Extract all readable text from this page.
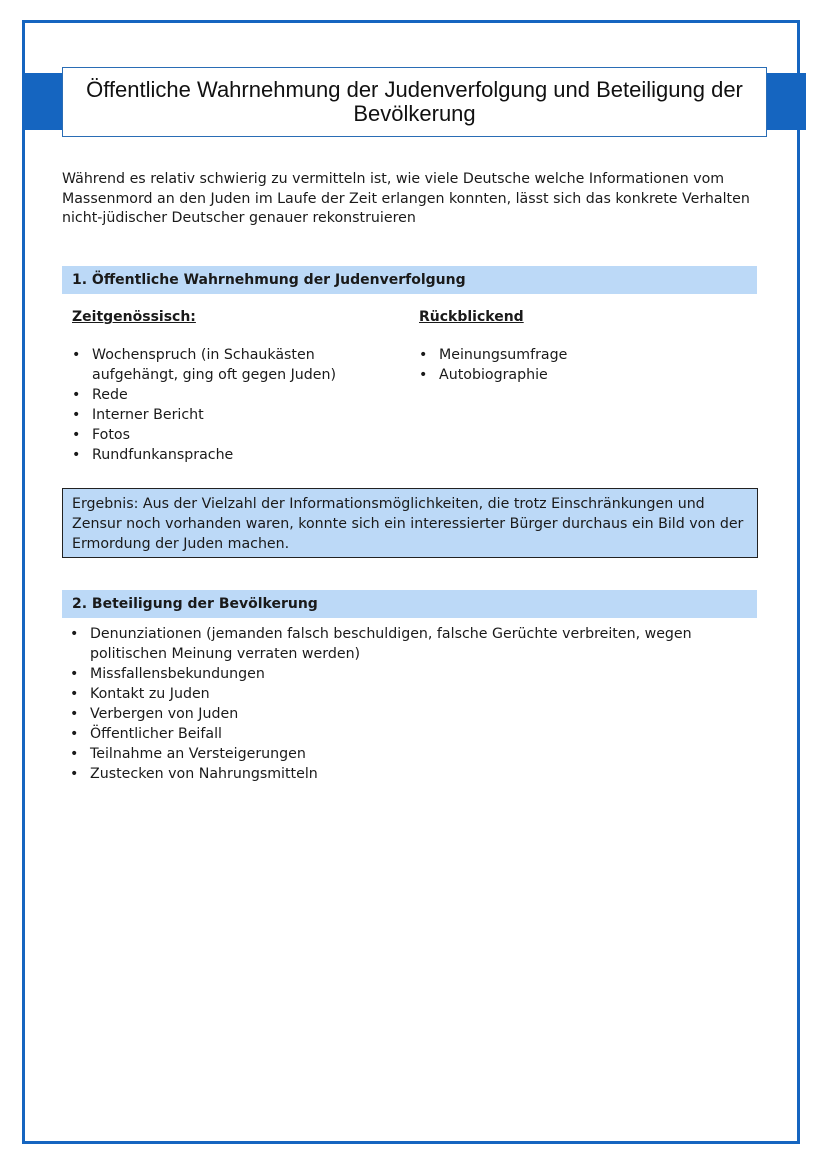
Öffentliche Wahrnehmung der Judenverfolgung und Beteiligung der Bevölkerung

Während es relativ schwierig zu vermitteln ist, wie viele Deutsche welche Informationen vom Massenmord an den Juden im Laufe der Zeit erlangen konnten, lässt sich das konkrete Verhalten nicht-jüdischer Deutscher genauer rekonstruieren

1. Öffentliche Wahrnehmung der Judenverfolgung

Zeitgenössisch:

• Wochenspruch (in Schaukästen aufgehängt, ging oft gegen Juden)
• Rede
• Interner Bericht
• Fotos
• Rundfunkansprache

Rückblickend

• Meinungsumfrage
• Autobiographie

Ergebnis: Aus der Vielzahl der Informationsmöglichkeiten, die trotz Einschränkungen und Zensur noch vorhanden waren, konnte sich ein interessierter Bürger durchaus ein Bild von der Ermordung der Juden machen.

2. Beteiligung der Bevölkerung
• Denunziationen (jemanden falsch beschuldigen, falsche Gerüchte verbreiten, wegen politischen Meinung verraten werden)
• Missfallensbekundungen
• Kontakt zu Juden
• Verbergen von Juden
• Öffentlicher Beifall
• Teilnahme an Versteigerungen
• Zustecken von Nahrungsmitteln
